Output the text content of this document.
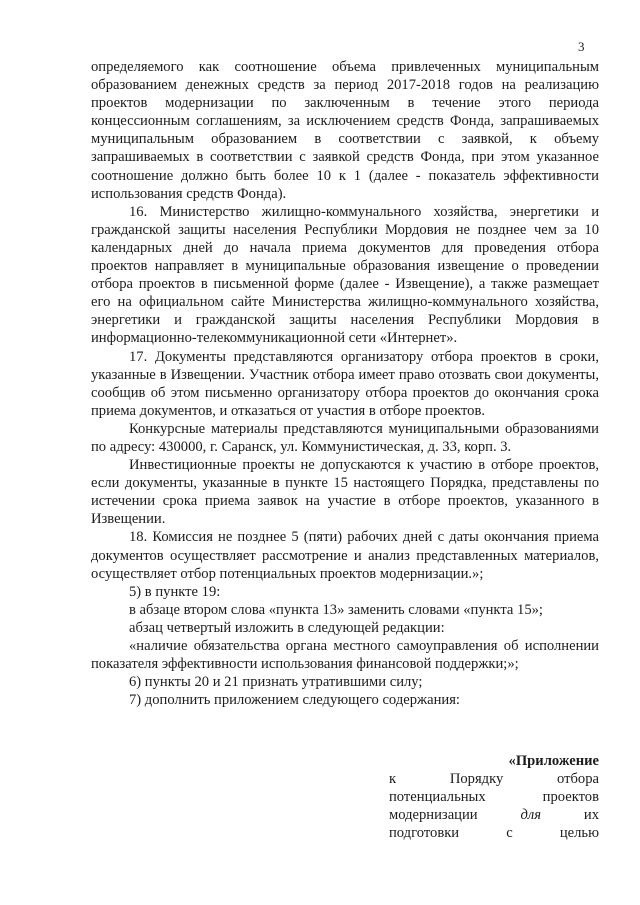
3

определяемого как соотношение объема привлеченных муниципальным образованием денежных средств за период 2017-2018 годов на реализацию проектов модернизации по заключенным в течение этого периода концессионным соглашениям, за исключением средств Фонда, запрашиваемых муниципальным образованием в соответствии с заявкой, к объему запрашиваемых в соответствии с заявкой средств Фонда, при этом указанное соотношение должно быть более 10 к 1 (далее - показатель эффективности использования средств Фонда).

16. Министерство жилищно-коммунального хозяйства, энергетики и гражданской защиты населения Республики Мордовия не позднее чем за 10 календарных дней до начала приема документов для проведения отбора проектов направляет в муниципальные образования извещение о проведении отбора проектов в письменной форме (далее - Извещение), а также размещает его на официальном сайте Министерства жилищно-коммунального хозяйства, энергетики и гражданской защиты населения Республики Мордовия в информационно-телекоммуникационной сети «Интернет».

17. Документы представляются организатору отбора проектов в сроки, указанные в Извещении. Участник отбора имеет право отозвать свои документы, сообщив об этом письменно организатору отбора проектов до окончания срока приема документов, и отказаться от участия в отборе проектов.

Конкурсные материалы представляются муниципальными образованиями по адресу: 430000, г. Саранск, ул. Коммунистическая, д. 33, корп. 3.

Инвестиционные проекты не допускаются к участию в отборе проектов, если документы, указанные в пункте 15 настоящего Порядка, представлены по истечении срока приема заявок на участие в отборе проектов, указанного в Извещении.

18. Комиссия не позднее 5 (пяти) рабочих дней с даты окончания приема документов осуществляет рассмотрение и анализ представленных материалов, осуществляет отбор потенциальных проектов модернизации.»;

5) в пункте 19:

в абзаце втором слова «пункта 13» заменить словами «пункта 15»;

абзац четвертый изложить в следующей редакции:

«наличие обязательства органа местного самоуправления об исполнении показателя эффективности использования финансовой поддержки;»;

6) пункты 20 и 21 признать утратившими силу;

7) дополнить приложением следующего содержания:

«Приложение

к	Порядку	отбора

потенциальных	проектов

модернизации	для	их

подготовки	с	целью
